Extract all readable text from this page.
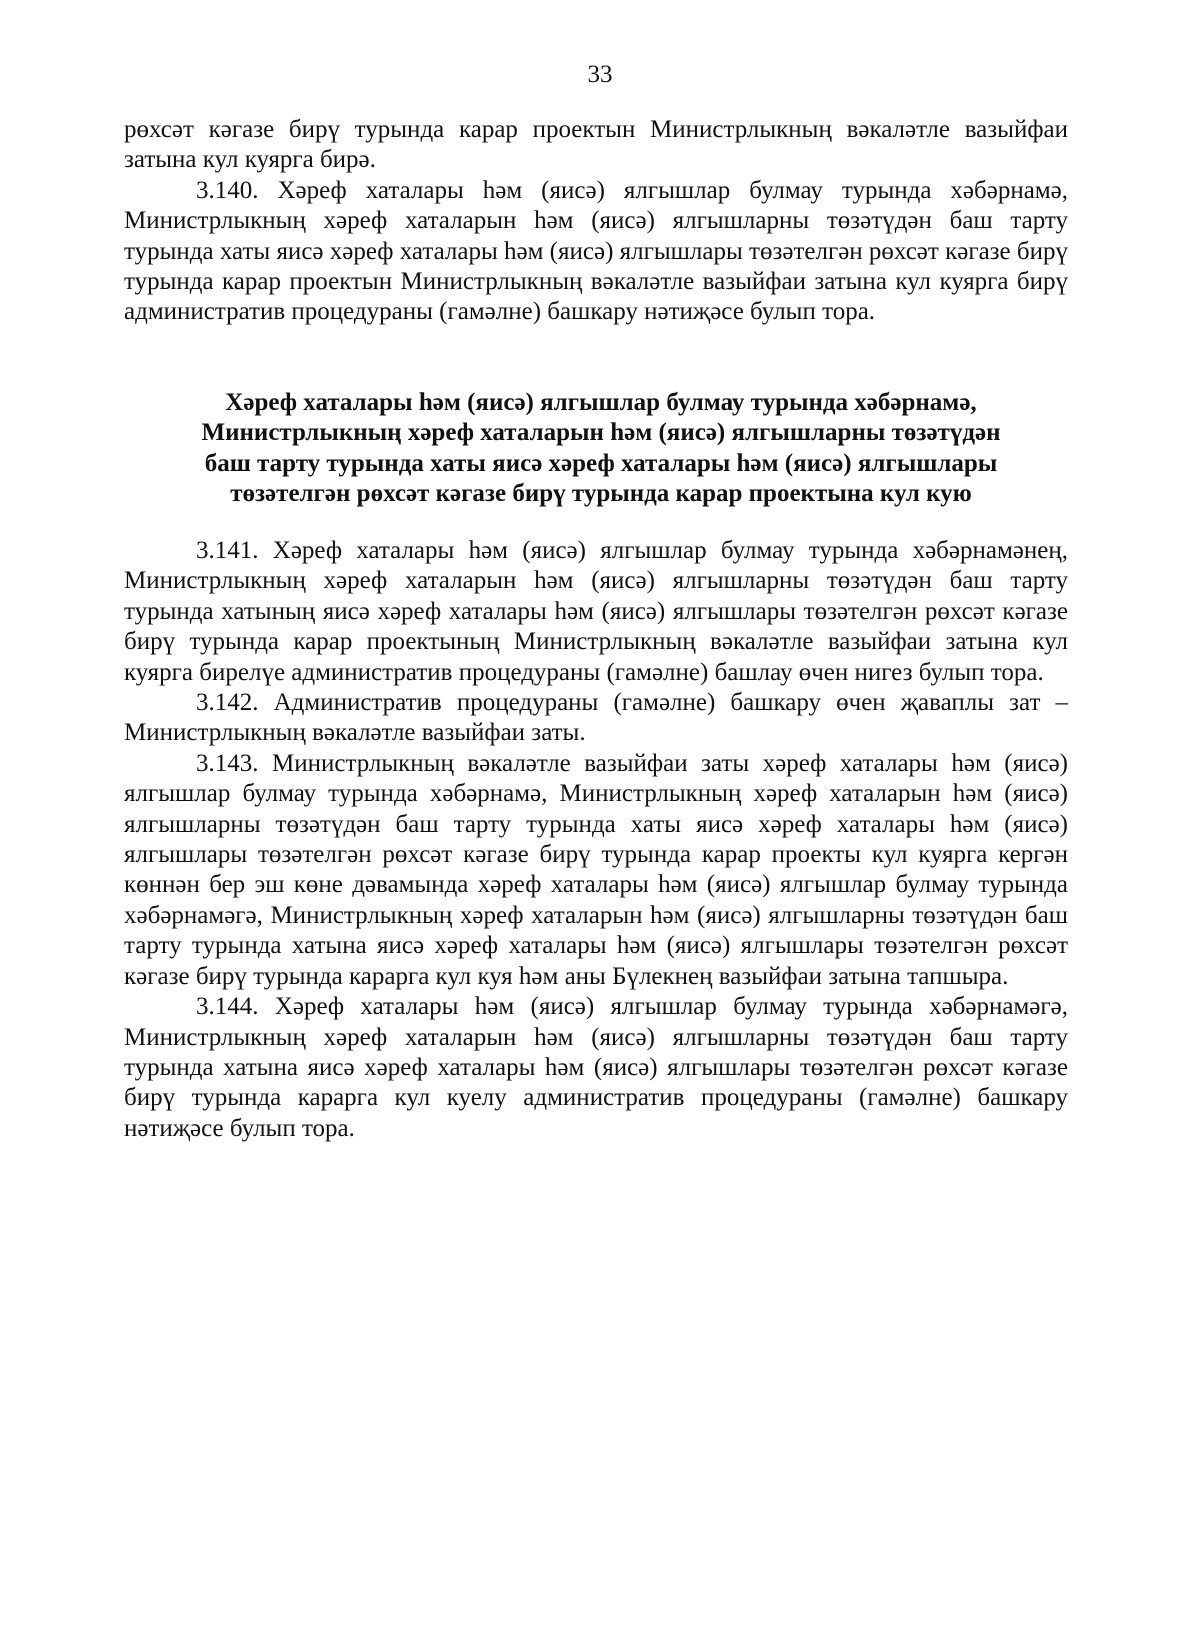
33

рөхсәт кәгазе бирү турында карар проектын Министрлыкның вәкаләтле вазыйфаи затына кул куярга бирә.

3.140. Хәреф хаталары һәм (яисә) ялгышлар булмау турында хәбәрнамә, Министрлыкның хәреф хаталарын һәм (яисә) ялгышларны төзәтүдән баш тарту турында хаты яисә хәреф хаталары һәм (яисә) ялгышлары төзәтелгән рөхсәт кәгазе бирү турында карар проектын Министрлыкның вәкаләтле вазыйфаи затына кул куярга бирү административ процедураны (гамәлне) башкару нәтиҗәсе булып тора.

Хәреф хаталары һәм (яисә) ялгышлар булмау турында хәбәрнамә,
Министрлыкның хәреф хаталарын һәм (яисә) ялгышларны төзәтүдән
баш тарту турында хаты яисә хәреф хаталары һәм (яисә) ялгышлары
төзәтелгән рөхсәт кәгазе бирү турында карар проектына кул кую

3.141. Хәреф хаталары һәм (яисә) ялгышлар булмау турында хәбәрнамәнең, Министрлыкның хәреф хаталарын һәм (яисә) ялгышларны төзәтүдән баш тарту турында хатының яисә хәреф хаталары һәм (яисә) ялгышлары төзәтелгән рөхсәт кәгазе бирү турында карар проектының Министрлыкның вәкаләтле вазыйфаи затына кул куярга бирелүе административ процедураны (гамәлне) башлау өчен нигез булып тора.

3.142. Административ процедураны (гамәлне) башкару өчен җаваплы зат – Министрлыкның вәкаләтле вазыйфаи заты.

3.143. Министрлыкның вәкаләтле вазыйфаи заты хәреф хаталары һәм (яисә) ялгышлар булмау турында хәбәрнамә, Министрлыкның хәреф хаталарын һәм (яисә) ялгышларны төзәтүдән баш тарту турында хаты яисә хәреф хаталары һәм (яисә) ялгышлары төзәтелгән рөхсәт кәгазе бирү турында карар проекты кул куярга кергән көннән бер эш көне дәвамында хәреф хаталары һәм (яисә) ялгышлар булмау турында хәбәрнамәгә, Министрлыкның хәреф хаталарын һәм (яисә) ялгышларны төзәтүдән баш тарту турында хатына яисә хәреф хаталары һәм (яисә) ялгышлары төзәтелгән рөхсәт кәгазе бирү турында карарга кул куя һәм аны Бүлекнең вазыйфаи затына тапшыра.

3.144. Хәреф хаталары һәм (яисә) ялгышлар булмау турында хәбәрнамәгә, Министрлыкның хәреф хаталарын һәм (яисә) ялгышларны төзәтүдән баш тарту турында хатына яисә хәреф хаталары һәм (яисә) ялгышлары төзәтелгән рөхсәт кәгазе бирү турында карарга кул куелу административ процедураны (гамәлне) башкару нәтиҗәсе булып тора.
